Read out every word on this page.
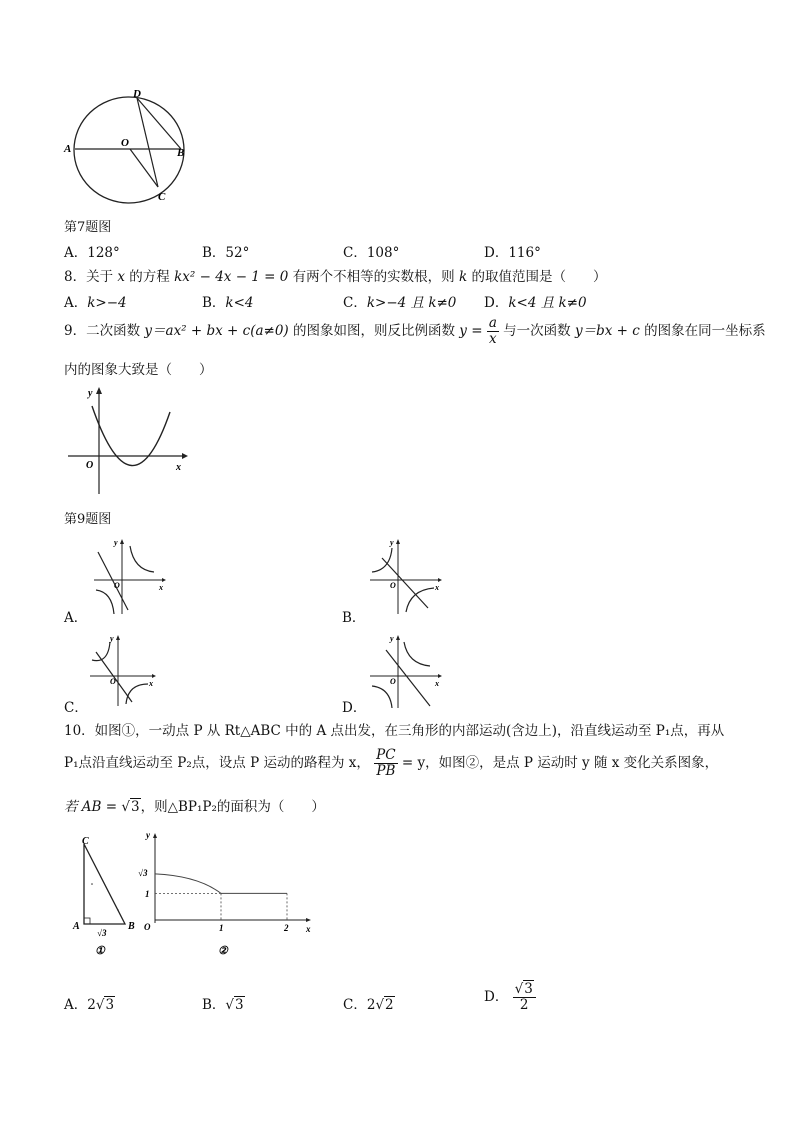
A	B
D
O
C
第7题图
A．128°	B．52°	C．108°	D．116°
8．关于 x 的方程 kx² − 4x − 1 = 0 有两个不相等的实数根，则 k 的取值范围是（　　）
A．k>−4	B．k<4	C．k>−4 且 k≠0 D．k<4 且 k≠0
9．二次函数 y＝ax² + bx + c(a≠0) 的图象如图，则反比例函数 $y = \frac{a}{x}$ 与一次函数 y＝bx + c 的图象在同一坐标系
内的图象大致是（　　）
y
x
O
第9题图
A．
O
y
x
B．
O
y
x
C．
O
y
x
D．
O
y
x
10．如图①，一动点 P 从 Rt△ABC 中的 A 点出发，在三角形的内部运动(含边上)，沿直线运动至 P₁点，再从
P₁点沿直线运动至 P₂点，设点 P 运动的路程为 x， $\frac{PC}{PB} = y$，如图②，是点 P 运动时 y 随 x 变化关系图象，
若 AB = √3，则△BP₁P₂的面积为（　　）
C
A	B
√3
①
y
x
O
√3
1
1	2
②
A．2√3	B．√3	C．2√2
D． $\frac{√3}{2}$
